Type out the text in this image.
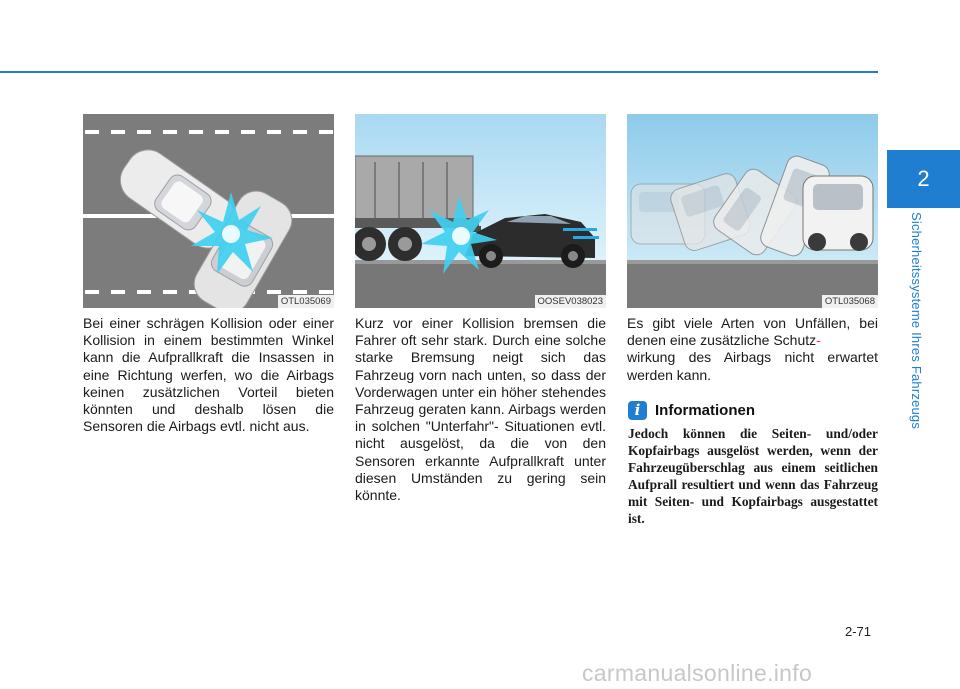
2
Sicherheitssysteme Ihres Fahrzeugs
OTL035069	OOSEV038023	OTL035068
Bei einer schrägen Kollision oder einer Kollision in einem bestimmten Winkel kann die Aufprallkraft die Insassen in eine Richtung werfen, wo die Airbags keinen zusätzlichen Vorteil bieten könnten und deshalb lösen die Sensoren die Airbags evtl. nicht aus.
Kurz vor einer Kollision bremsen die Fahrer oft sehr stark. Durch eine solche starke Bremsung neigt sich das Fahrzeug vorn nach unten, so dass der Vorderwagen unter ein höher stehendes Fahrzeug geraten kann. Airbags werden in solchen "Unterfahr"- Situationen evtl. nicht ausgelöst, da die von den Sensoren erkannte Aufprallkraft unter diesen Umständen zu gering sein könnte.
Es gibt viele Arten von Unfällen, bei denen eine zusätzliche Schutz-
wirkung des Airbags nicht erwartet werden kann.
i Informationen
Jedoch können die Seiten- und/oder Kopfairbags ausgelöst werden, wenn der Fahrzeugüberschlag aus einem seitlichen Aufprall resultiert und wenn das Fahrzeug mit Seiten- und Kopfairbags ausgestattet ist.
2-71
carmanualsonline.info
